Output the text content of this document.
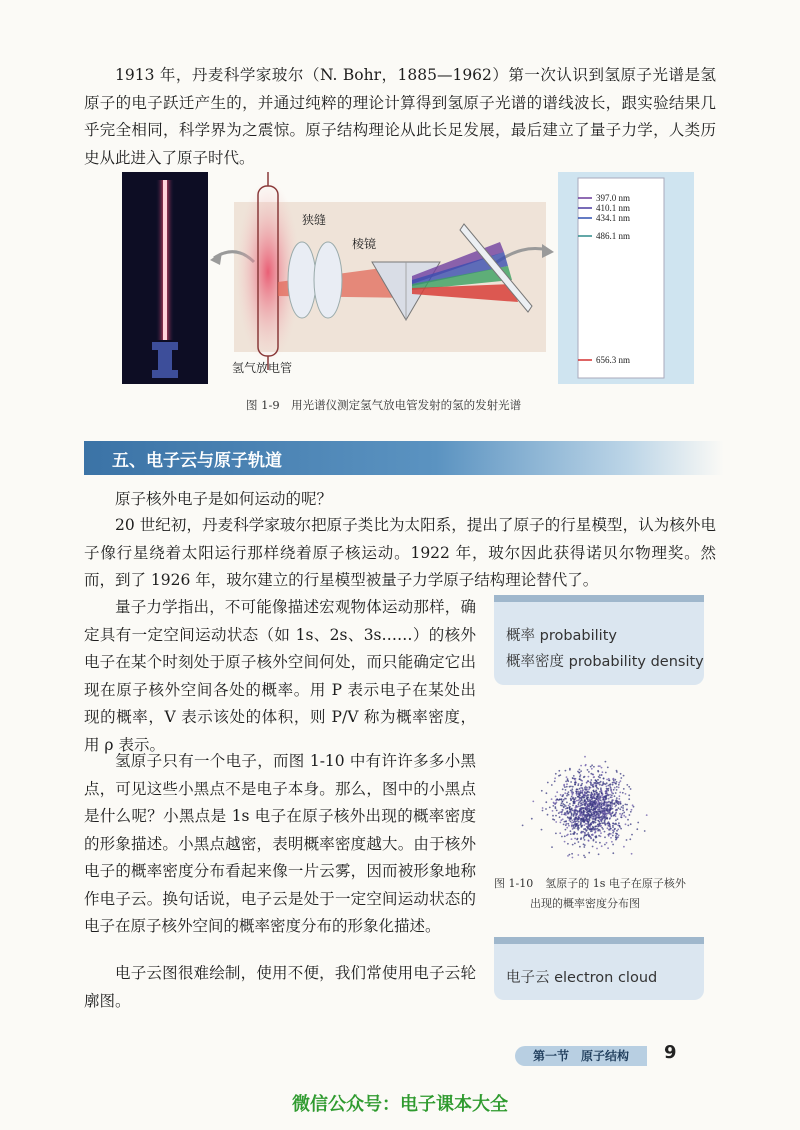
1913 年，丹麦科学家玻尔（N. Bohr，1885—1962）第一次认识到氢原子光谱是氢原子的电子跃迁产生的，并通过纯粹的理论计算得到氢原子光谱的谱线波长，跟实验结果几乎完全相同，科学界为之震惊。原子结构理论从此长足发展，最后建立了量子力学，人类历史从此进入了原子时代。

狭缝
棱镜
氢气放电管
397.0 nm
410.1 nm
434.1 nm
486.1 nm
656.3 nm
图 1-9　用光谱仪测定氢气放电管发射的氢的发射光谱
五、电子云与原子轨道

原子核外电子是如何运动的呢？

20 世纪初，丹麦科学家玻尔把原子类比为太阳系，提出了原子的行星模型，认为核外电子像行星绕着太阳运行那样绕着原子核运动。1922 年，玻尔因此获得诺贝尔物理奖。然而，到了 1926 年，玻尔建立的行星模型被量子力学原子结构理论替代了。

量子力学指出，不可能像描述宏观物体运动那样，确定具有一定空间运动状态（如 1s、2s、3s……）的核外电子在某个时刻处于原子核外空间何处，而只能确定它出现在原子核外空间各处的概率。用 P 表示电子在某处出现的概率，V 表示该处的体积，则 P/V 称为概率密度，用 ρ 表示。

氢原子只有一个电子，而图 1-10 中有许许多多小黑点，可见这些小黑点不是电子本身。那么，图中的小黑点是什么呢？小黑点是 1s 电子在原子核外出现的概率密度的形象描述。小黑点越密，表明概率密度越大。由于核外电子的概率密度分布看起来像一片云雾，因而被形象地称作电子云。换句话说，电子云是处于一定空间运动状态的电子在原子核外空间的概率密度分布的形象化描述。

电子云图很难绘制，使用不便，我们常使用电子云轮廓图。

概率 probability
概率密度 probability density
图 1-10 氢原子的 1s 电子在原子核外
出现的概率密度分布图
电子云 electron cloud
第一节　原子结构	9
微信公众号：电子课本大全
